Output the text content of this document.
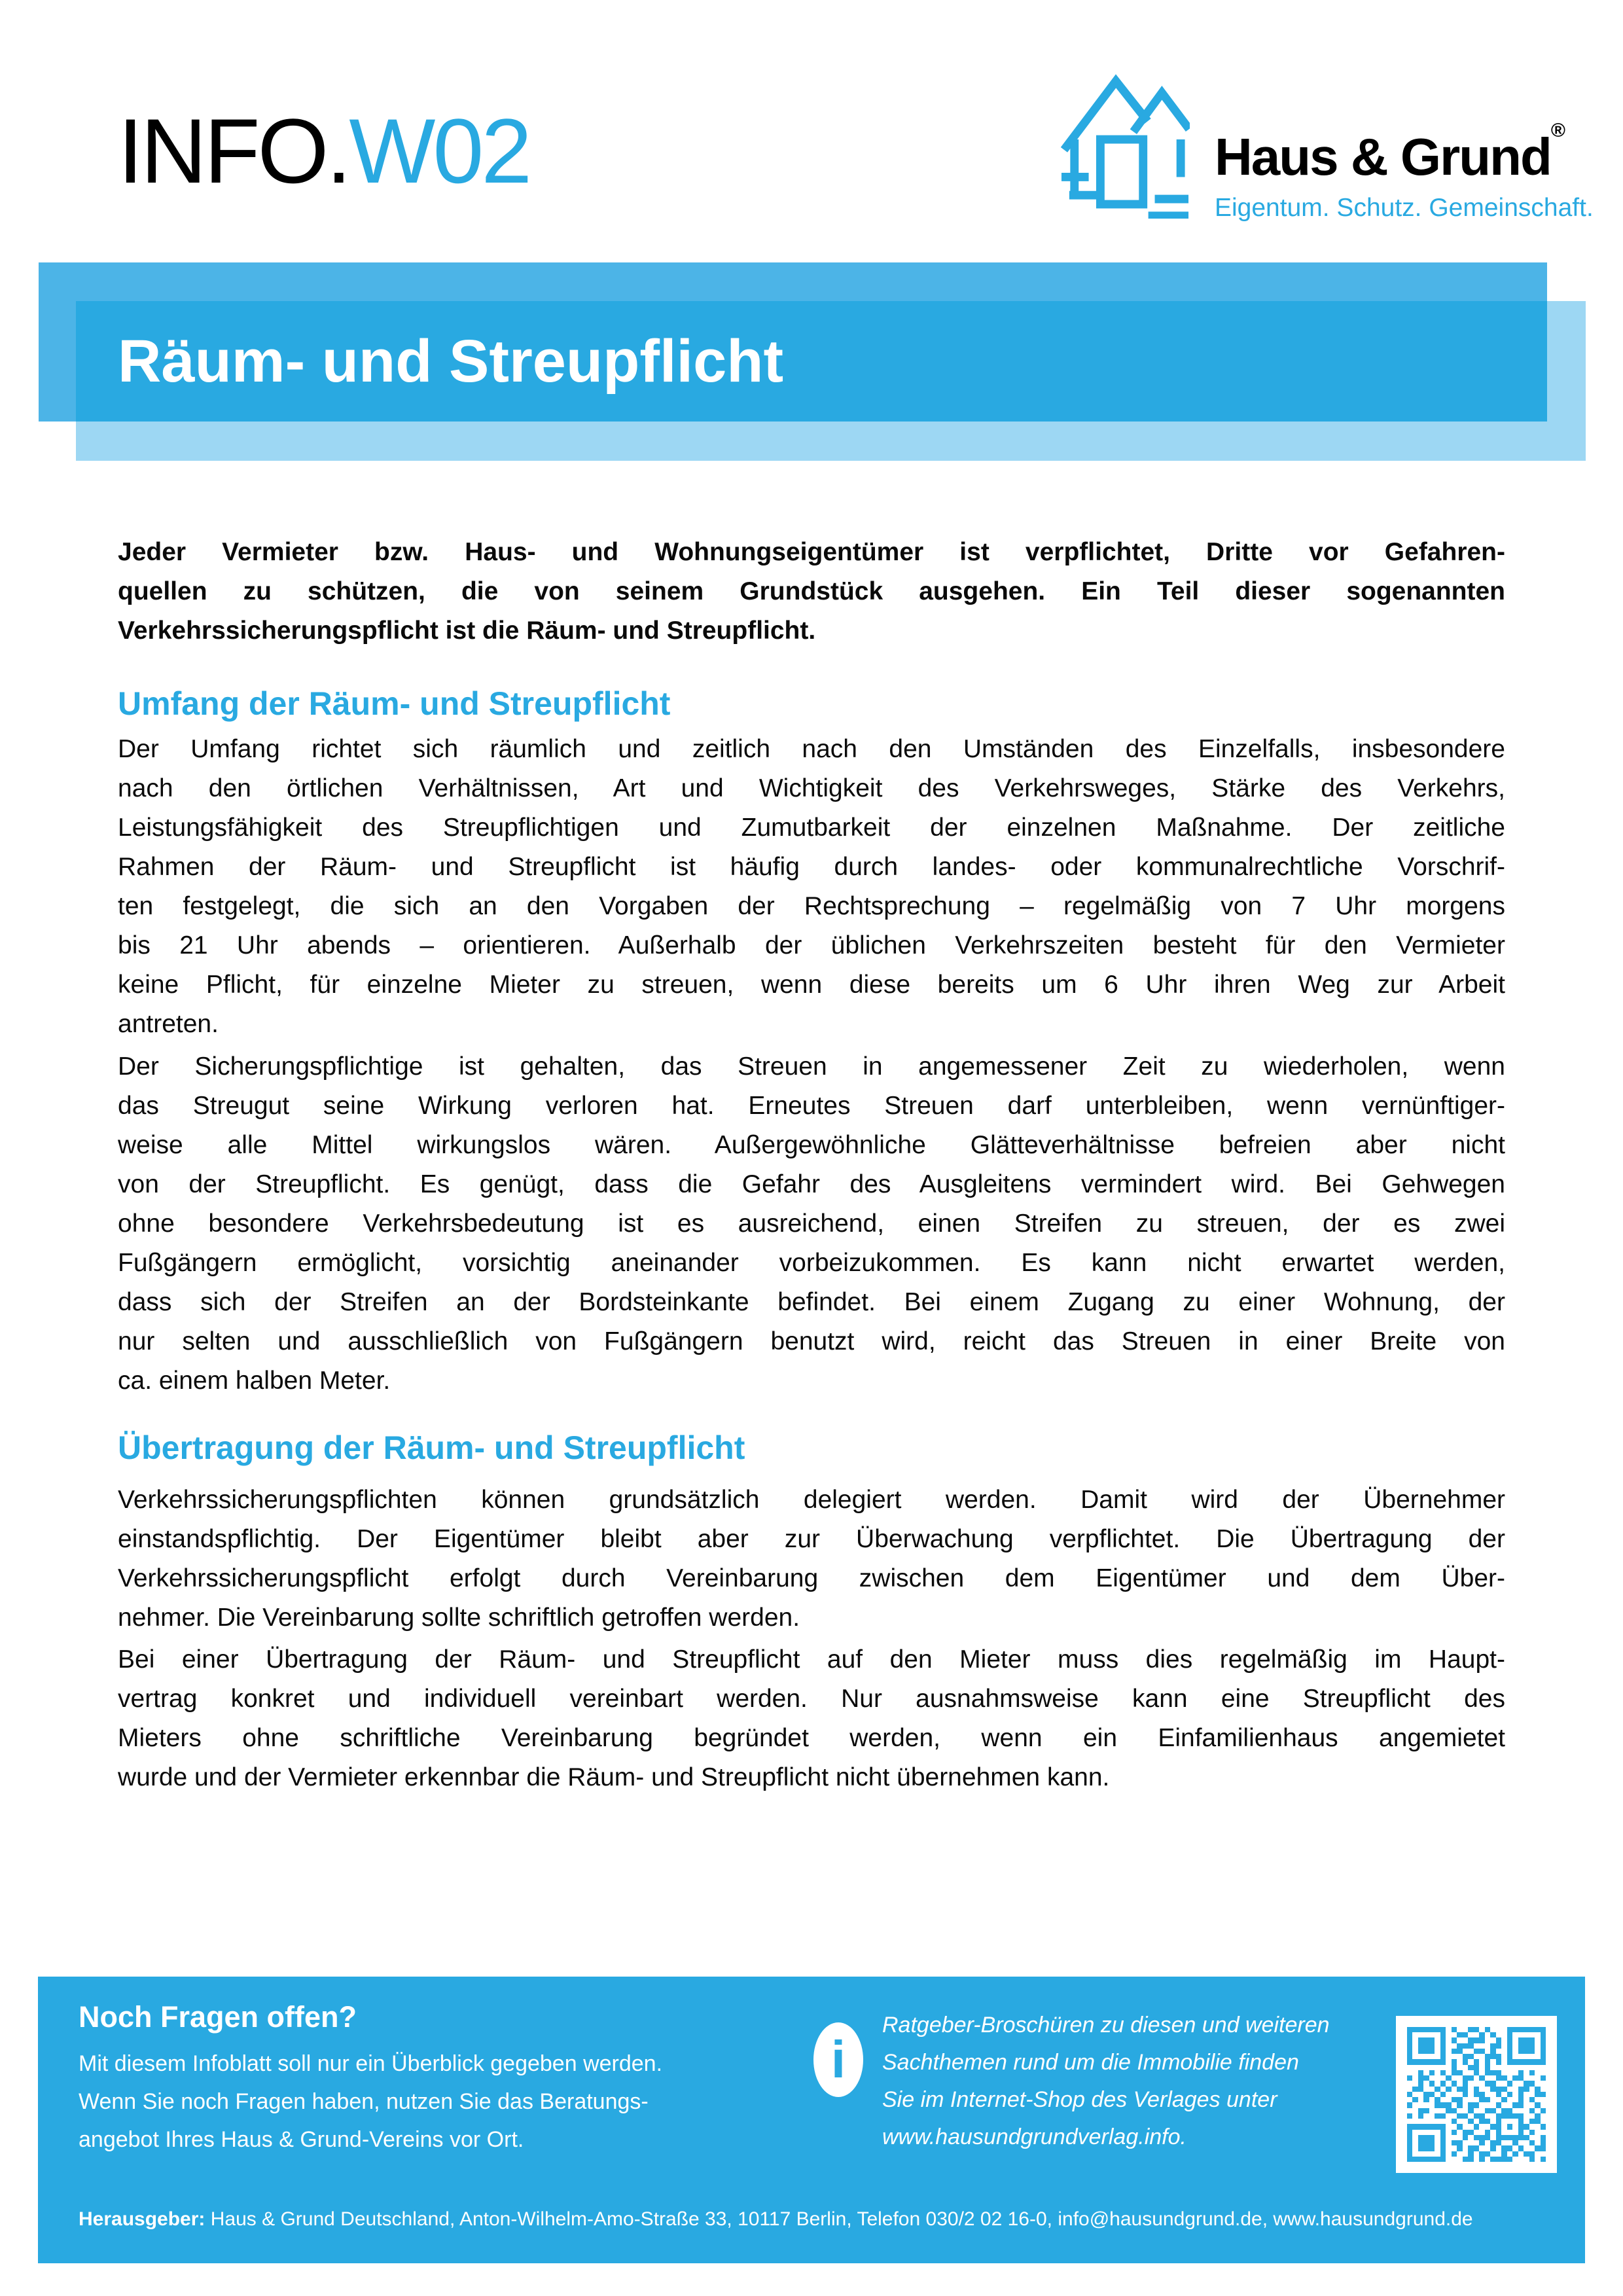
INFO.W02	Haus & Grund®
Eigentum. Schutz. Gemeinschaft.
Räum- und Streupflicht
Jeder Vermieter bzw. Haus- und Wohnungseigentümer ist verpflichtet, Dritte vor Gefahren-
quellen zu schützen, die von seinem Grundstück ausgehen. Ein Teil dieser sogenannten
Verkehrssicherungspflicht ist die Räum- und Streupflicht.
Umfang der Räum- und Streupflicht
Der Umfang richtet sich räumlich und zeitlich nach den Umständen des Einzelfalls, insbesondere
nach den örtlichen Verhältnissen, Art und Wichtigkeit des Verkehrsweges, Stärke des Verkehrs,
Leistungsfähigkeit des Streupflichtigen und Zumutbarkeit der einzelnen Maßnahme. Der zeitliche
Rahmen der Räum- und Streupflicht ist häufig durch landes- oder kommunalrechtliche Vorschrif-
ten festgelegt, die sich an den Vorgaben der Rechtsprechung – regelmäßig von 7 Uhr morgens
bis 21 Uhr abends – orientieren. Außerhalb der üblichen Verkehrszeiten besteht für den Vermieter
keine Pflicht, für einzelne Mieter zu streuen, wenn diese bereits um 6 Uhr ihren Weg zur Arbeit
antreten.
Der Sicherungspflichtige ist gehalten, das Streuen in angemessener Zeit zu wiederholen, wenn
das Streugut seine Wirkung verloren hat. Erneutes Streuen darf unterbleiben, wenn vernünftiger-
weise alle Mittel wirkungslos wären. Außergewöhnliche Glätteverhältnisse befreien aber nicht
von der Streupflicht. Es genügt, dass die Gefahr des Ausgleitens vermindert wird. Bei Gehwegen
ohne besondere Verkehrsbedeutung ist es ausreichend, einen Streifen zu streuen, der es zwei
Fußgängern ermöglicht, vorsichtig aneinander vorbeizukommen. Es kann nicht erwartet werden,
dass sich der Streifen an der Bordsteinkante befindet. Bei einem Zugang zu einer Wohnung, der
nur selten und ausschließlich von Fußgängern benutzt wird, reicht das Streuen in einer Breite von
ca. einem halben Meter.
Übertragung der Räum- und Streupflicht
Verkehrssicherungspflichten können grundsätzlich delegiert werden. Damit wird der Übernehmer
einstandspflichtig. Der Eigentümer bleibt aber zur Überwachung verpflichtet. Die Übertragung der
Verkehrssicherungspflicht erfolgt durch Vereinbarung zwischen dem Eigentümer und dem Über-
nehmer. Die Vereinbarung sollte schriftlich getroffen werden.
Bei einer Übertragung der Räum- und Streupflicht auf den Mieter muss dies regelmäßig im Haupt-
vertrag konkret und individuell vereinbart werden. Nur ausnahmsweise kann eine Streupflicht des
Mieters ohne schriftliche Vereinbarung begründet werden, wenn ein Einfamilienhaus angemietet
wurde und der Vermieter erkennbar die Räum- und Streupflicht nicht übernehmen kann.
Noch Fragen offen?
Mit diesem Infoblatt soll nur ein Überblick gegeben werden.
Wenn Sie noch Fragen haben, nutzen Sie das Beratungs-
angebot Ihres Haus & Grund-Vereins vor Ort.
i
Ratgeber-Broschüren zu diesen und weiteren
Sachthemen rund um die Immobilie finden
Sie im Internet-Shop des Verlages unter
www.hausundgrundverlag.info.
Herausgeber: Haus & Grund Deutschland, Anton-Wilhelm-Amo-Straße 33, 10117 Berlin, Telefon 030/2 02 16-0, info@hausundgrund.de, www.hausundgrund.de
